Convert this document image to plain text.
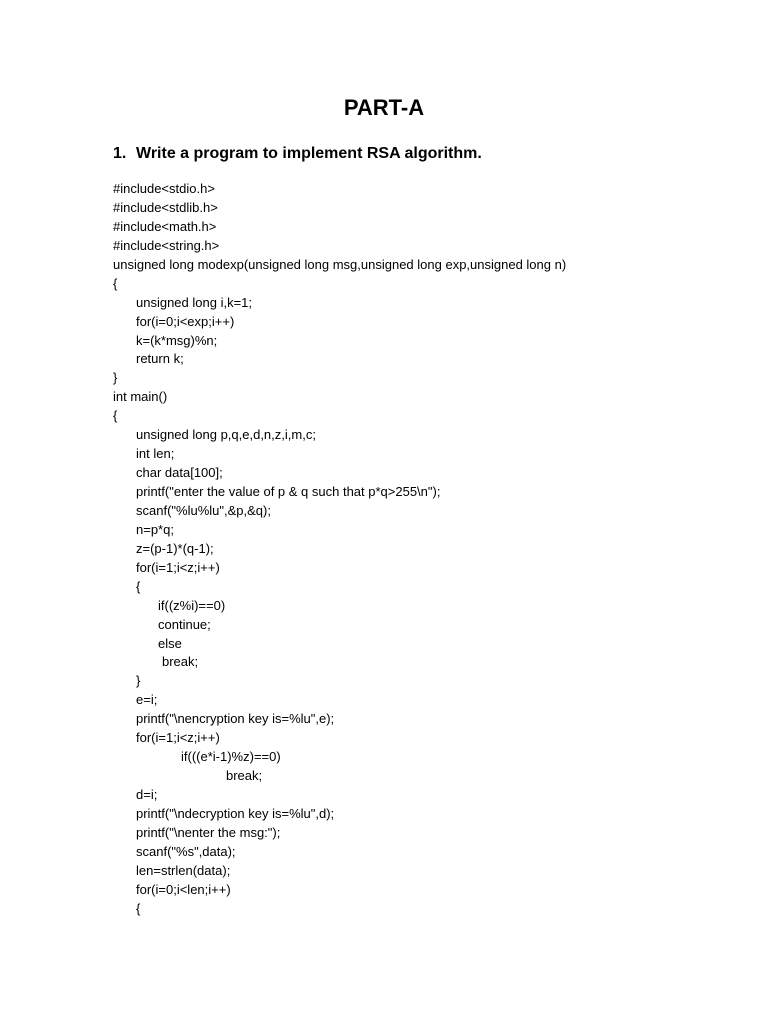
PART-A
1. Write a program to implement RSA algorithm.
#include<stdio.h>
#include<stdlib.h>
#include<math.h>
#include<string.h>
unsigned long modexp(unsigned long msg,unsigned long exp,unsigned long n)
{
unsigned long i,k=1;
for(i=0;i<exp;i++)
k=(k*msg)%n;
return k;
}
int main()
{
unsigned long p,q,e,d,n,z,i,m,c;
int len;
char data[100];
printf("enter the value of p & q such that p*q>255\n");
scanf("%lu%lu",&p,&q);
n=p*q;
z=(p-1)*(q-1);
for(i=1;i<z;i++)
{
if((z%i)==0)
continue;
else
break;
}
e=i;
printf("\nencryption key is=%lu",e);
for(i=1;i<z;i++)
if(((e*i-1)%z)==0)
break;
d=i;
printf("\ndecryption key is=%lu",d);
printf("\nenter the msg:");
scanf("%s",data);
len=strlen(data);
for(i=0;i<len;i++)
{
